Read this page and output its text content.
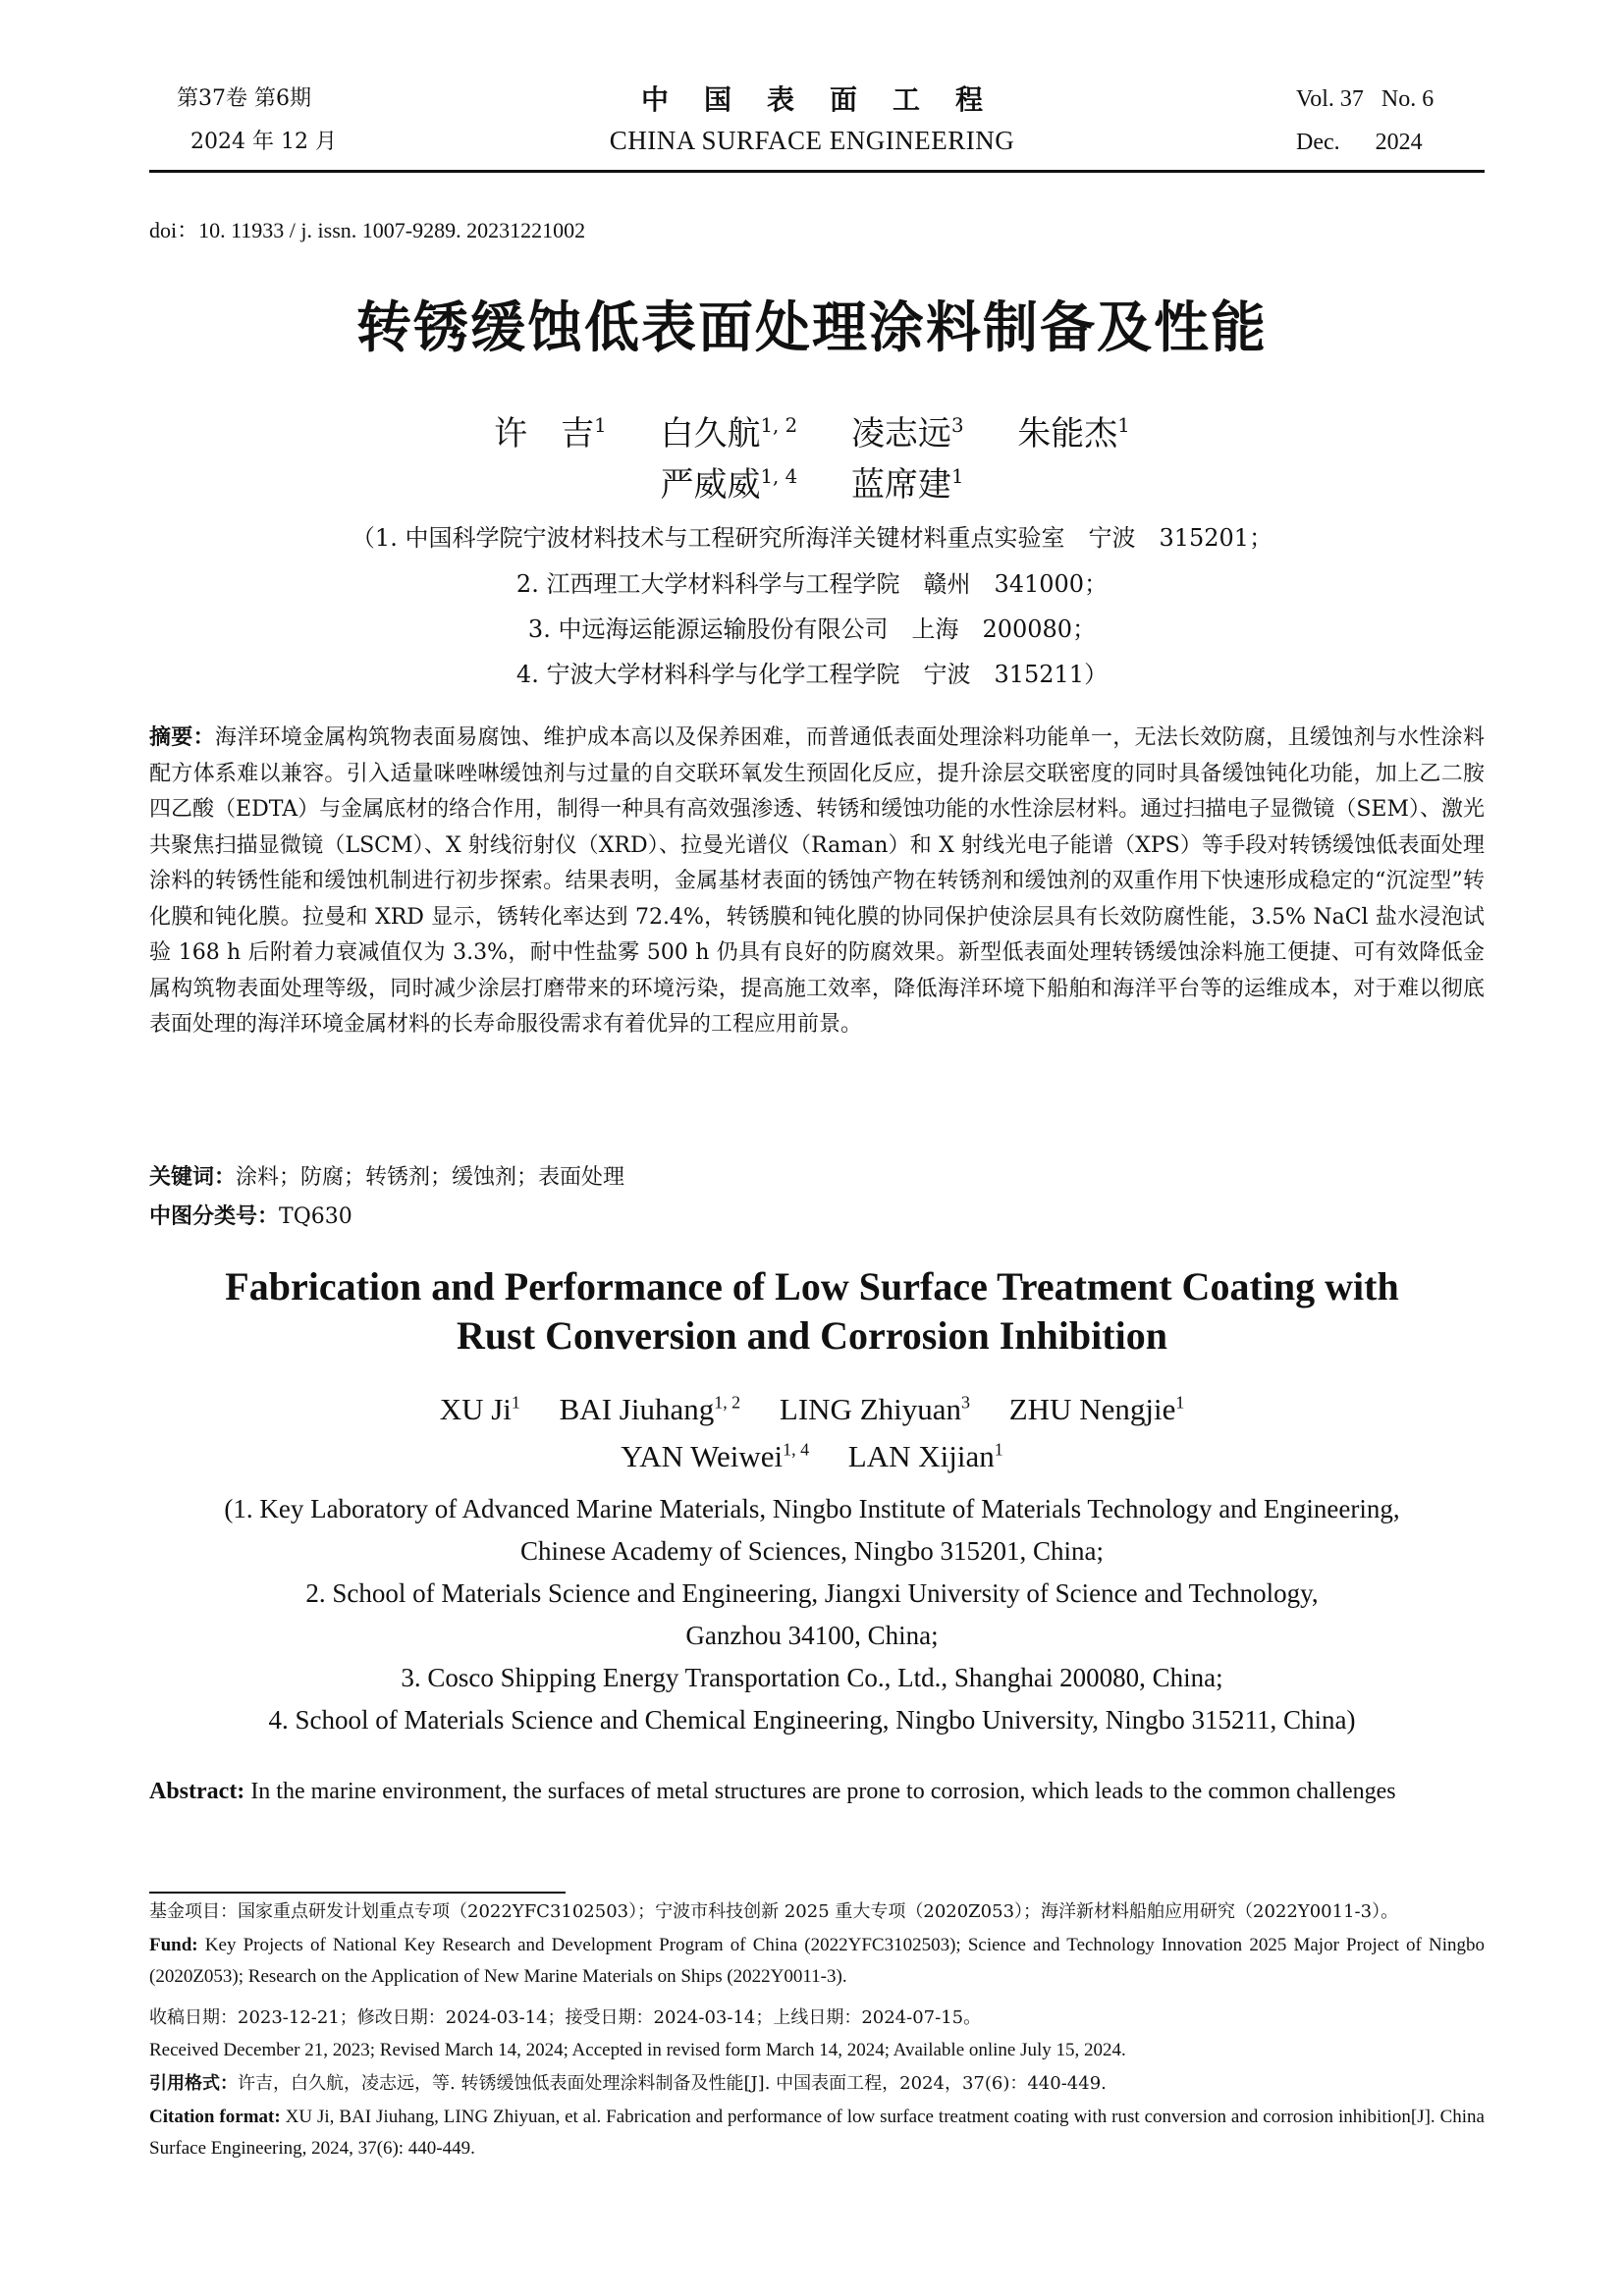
第37卷 第6期
2024 年 12 月
中国表面工程
CHINA SURFACE ENGINEERING
Vol. 37   No. 6
Dec.      2024
doi：10. 11933 / j. issn. 1007-9289. 20231221002
转锈缓蚀低表面处理涂料制备及性能
许　吉$^1$ 白久航$^{1, 2}$ 凌志远$^3$ 朱能杰$^1$
严威威$^{1, 4}$ 蓝席建$^1$
（1. 中国科学院宁波材料技术与工程研究所海洋关键材料重点实验室　宁波　315201；
2. 江西理工大学材料科学与工程学院　赣州　341000；
3. 中远海运能源运输股份有限公司　上海　200080；
4. 宁波大学材料科学与化学工程学院　宁波　315211）
摘要：海洋环境金属构筑物表面易腐蚀、维护成本高以及保养困难，而普通低表面处理涂料功能单一，无法长效防腐，且缓蚀剂与水性涂料配方体系难以兼容。引入适量咪唑啉缓蚀剂与过量的自交联环氧发生预固化反应，提升涂层交联密度的同时具备缓蚀钝化功能，加上乙二胺四乙酸（EDTA）与金属底材的络合作用，制得一种具有高效强渗透、转锈和缓蚀功能的水性涂层材料。通过扫描电子显微镜（SEM）、激光共聚焦扫描显微镜（LSCM）、X 射线衍射仪（XRD）、拉曼光谱仪（Raman）和 X 射线光电子能谱（XPS）等手段对转锈缓蚀低表面处理涂料的转锈性能和缓蚀机制进行初步探索。结果表明，金属基材表面的锈蚀产物在转锈剂和缓蚀剂的双重作用下快速形成稳定的“沉淀型”转化膜和钝化膜。拉曼和 XRD 显示，锈转化率达到 72.4%，转锈膜和钝化膜的协同保护使涂层具有长效防腐性能，3.5% NaCl 盐水浸泡试验 168 h 后附着力衰减值仅为 3.3%，耐中性盐雾 500 h 仍具有良好的防腐效果。新型低表面处理转锈缓蚀涂料施工便捷、可有效降低金属构筑物表面处理等级，同时减少涂层打磨带来的环境污染，提高施工效率，降低海洋环境下船舶和海洋平台等的运维成本，对于难以彻底表面处理的海洋环境金属材料的长寿命服役需求有着优异的工程应用前景。
关键词：涂料；防腐；转锈剂；缓蚀剂；表面处理
中图分类号：TQ630
Fabrication and Performance of Low Surface Treatment Coating with
Rust Conversion and Corrosion Inhibition
XU Ji$^1$ BAI Jiuhang$^{1, 2}$ LING Zhiyuan$^3$ ZHU Nengjie$^1$
YAN Weiwei$^{1, 4}$ LAN Xijian$^1$
(1. Key Laboratory of Advanced Marine Materials, Ningbo Institute of Materials Technology and Engineering,
Chinese Academy of Sciences, Ningbo 315201, China;
2. School of Materials Science and Engineering, Jiangxi University of Science and Technology,
Ganzhou 34100, China;
3. Cosco Shipping Energy Transportation Co., Ltd., Shanghai 200080, China;
4. School of Materials Science and Chemical Engineering, Ningbo University, Ningbo 315211, China)
Abstract: In the marine environment, the surfaces of metal structures are prone to corrosion, which leads to the common challenges
基金项目：国家重点研发计划重点专项（2022YFC3102503）；宁波市科技创新 2025 重大专项（2020Z053）；海洋新材料船舶应用研究（2022Y0011-3）。
Fund: Key Projects of National Key Research and Development Program of China (2022YFC3102503); Science and Technology Innovation 2025 Major Project of Ningbo (2020Z053); Research on the Application of New Marine Materials on Ships (2022Y0011-3).
收稿日期：2023-12-21；修改日期：2024-03-14；接受日期：2024-03-14；上线日期：2024-07-15。
Received December 21, 2023; Revised March 14, 2024; Accepted in revised form March 14, 2024; Available online July 15, 2024.
引用格式：许吉，白久航，凌志远，等. 转锈缓蚀低表面处理涂料制备及性能[J]. 中国表面工程，2024，37(6)：440-449.
Citation format: XU Ji, BAI Jiuhang, LING Zhiyuan, et al. Fabrication and performance of low surface treatment coating with rust conversion and corrosion inhibition[J]. China Surface Engineering, 2024, 37(6): 440-449.
